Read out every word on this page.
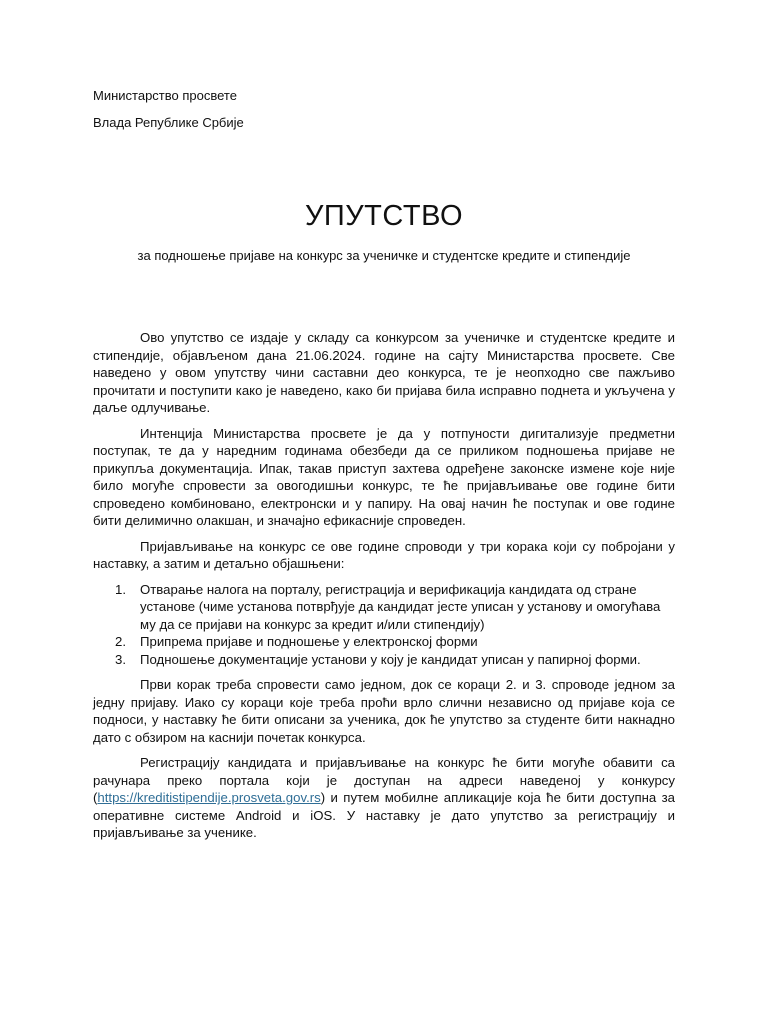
Министарство просвете

Влада Републике Србије

УПУТСТВО

за подношење пријаве на конкурс за ученичке и студентске кредите и стипендије

Ово упутство се издаје у складу са конкурсом за ученичке и студентске кредите и стипендије, објављеном дана 21.06.2024. године на сајту Министарства просвете. Све наведено у овом упутству чини саставни део конкурса, те је неопходно све пажљиво прочитати и поступити како је наведено, како би пријава била исправно поднета и укључена у даље одлучивање.

Интенција Министарства просвете је да у потпуности дигитализује предметни поступак, те да у наредним годинама обезбеди да се приликом подношења пријаве не прикупља документација. Ипак, такав приступ захтева одређене законске измене које није било могуће спровести за овогодишњи конкурс, те ће пријављивање ове године бити спроведено комбиновано, електронски и у папиру. На овај начин ће поступак и ове године бити делимично олакшан, и значајно ефикасније спроведен.

Пријављивање на конкурс се ове године спроводи у три корака који су побројани у наставку, а затим и детаљно објашњени:

1. Отварање налога на порталу, регистрација и верификација кандидата од стране установе (чиме установа потврђује да кандидат јесте уписан у установу и омогућава му да се пријави на конкурс за кредит и/или стипендију)
2. Припрема пријаве и подношење у електронској форми
3. Подношење документације установи у коју је кандидат уписан у папирној форми.

Први корак треба спровести само једном, док се кораци 2. и 3. спроводе једном за једну пријаву. Иако су кораци које треба проћи врло слични независно од пријаве која се подноси, у наставку ће бити описани за ученика, док ће упутство за студенте бити накнадно дато с обзиром на каснији почетак конкурса.

Регистрацију кандидата и пријављивање на конкурс ће бити могуће обавити са рачунара преко портала који је доступан на адреси наведеној у конкурсу (https://kreditistipendije.prosveta.gov.rs) и путем мобилне апликације која ће бити доступна за оперативне системе Android и iOS. У наставку је дато упутство за регистрацију и пријављивање за ученике.
